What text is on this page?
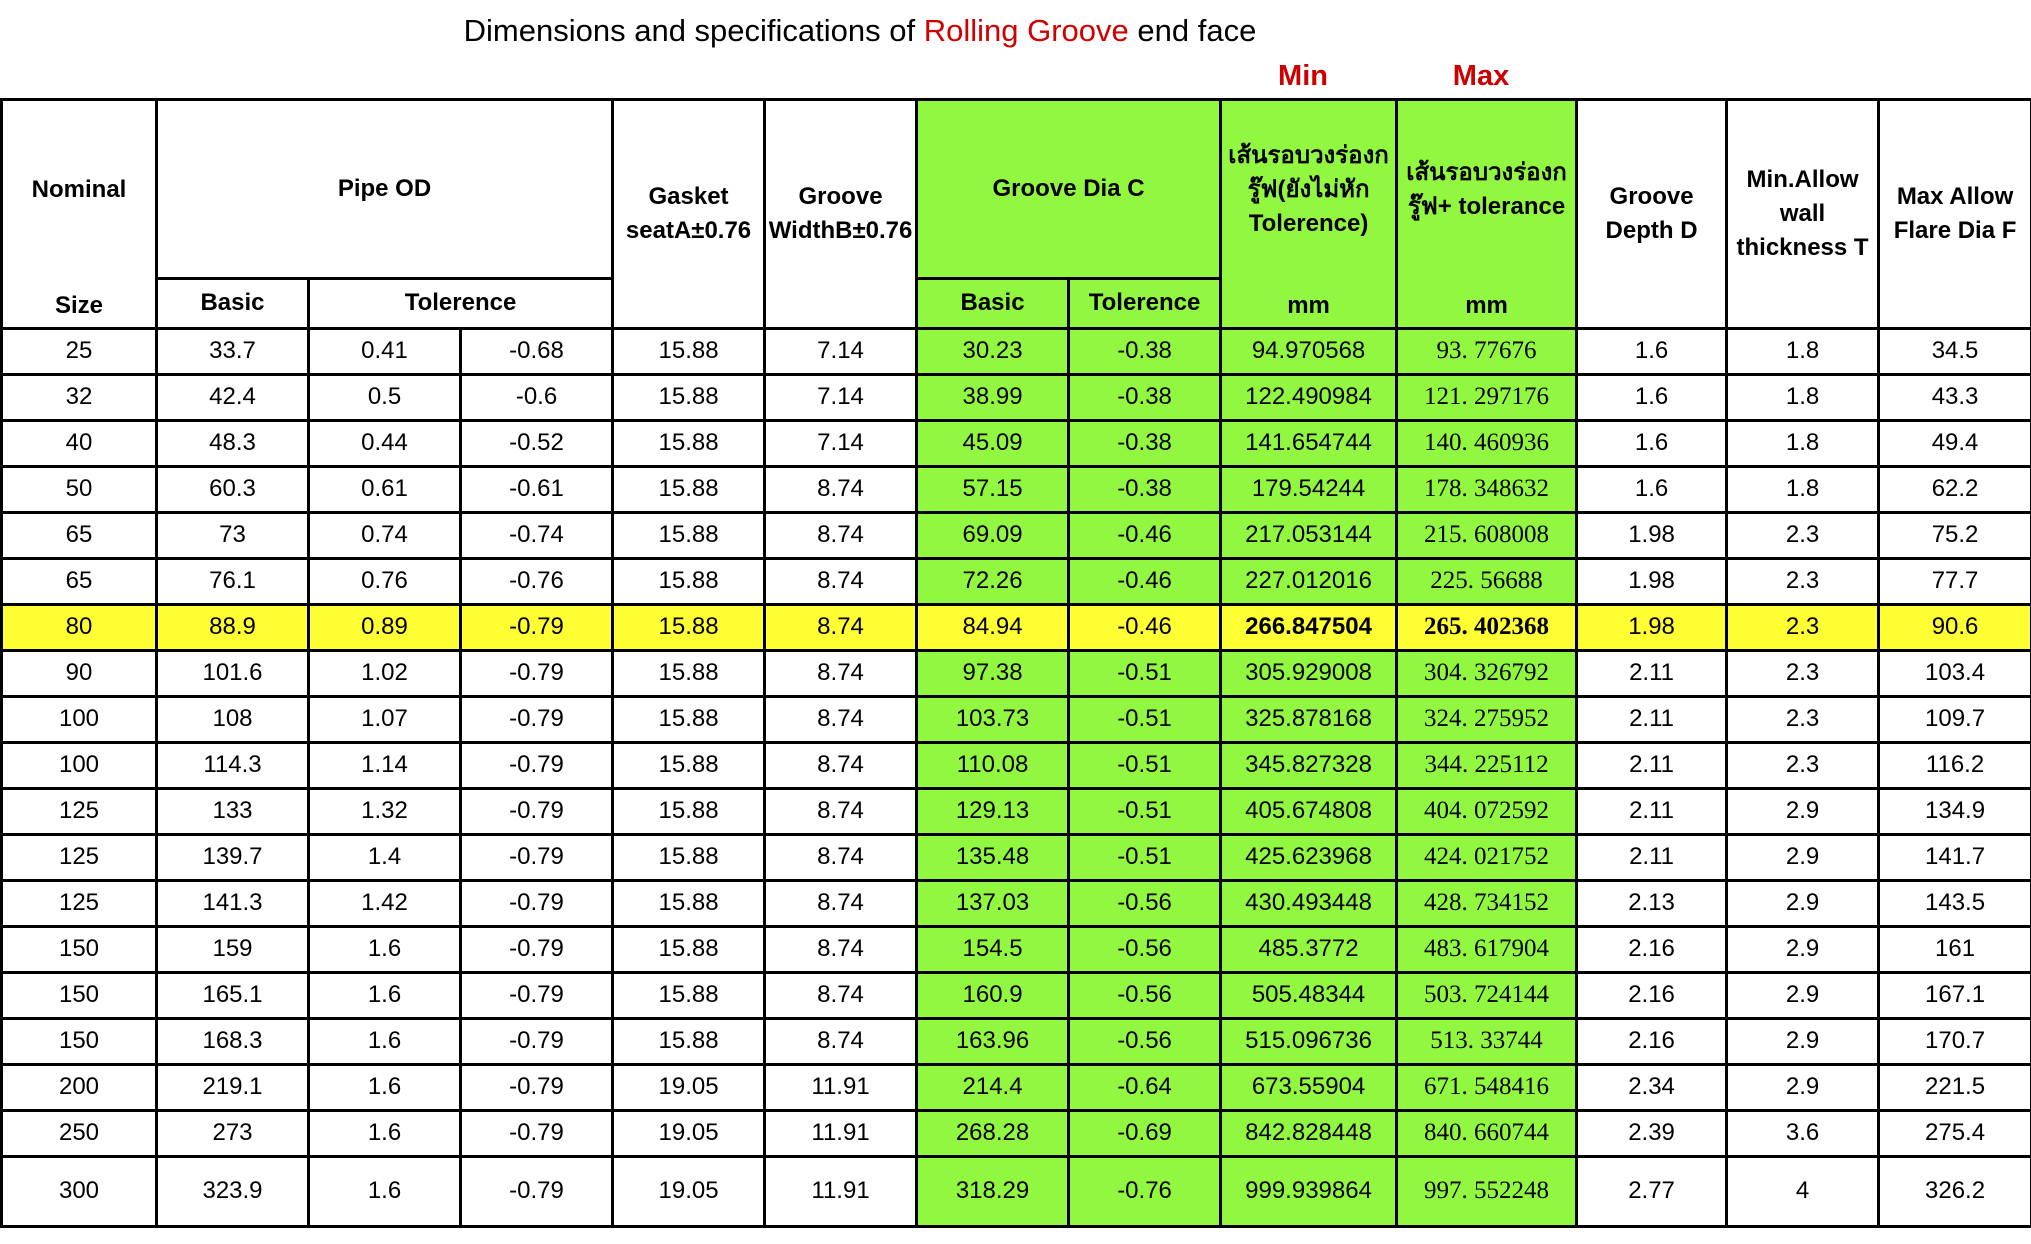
Dimensions and specifications of Rolling Groove end face
Min	Max
Nominal	Pipe OD			Gasket seatA±0.76	Groove WidthB±0.76	Groove Dia C		เส้นรอบวงร่องกรู๊ฟ(ยังไม่หัก Tolerence)	เส้นรอบวงร่องกรู๊ฟ+ tolerance	Groove Depth D	Min.Allow wall thickness T	Max Allow Flare Dia F
Size	Basic	Tolerence				Basic	Tolerence	mm	mm			
25	33.7	0.41	-0.68	15.88	7.14	30.23	-0.38	94.970568	93. 77676	1.6	1.8	34.5
32	42.4	0.5	-0.6	15.88	7.14	38.99	-0.38	122.490984	121. 297176	1.6	1.8	43.3
40	48.3	0.44	-0.52	15.88	7.14	45.09	-0.38	141.654744	140. 460936	1.6	1.8	49.4
50	60.3	0.61	-0.61	15.88	8.74	57.15	-0.38	179.54244	178. 348632	1.6	1.8	62.2
65	73	0.74	-0.74	15.88	8.74	69.09	-0.46	217.053144	215. 608008	1.98	2.3	75.2
65	76.1	0.76	-0.76	15.88	8.74	72.26	-0.46	227.012016	225. 56688	1.98	2.3	77.7
80	88.9	0.89	-0.79	15.88	8.74	84.94	-0.46	266.847504	265. 402368	1.98	2.3	90.6
90	101.6	1.02	-0.79	15.88	8.74	97.38	-0.51	305.929008	304. 326792	2.11	2.3	103.4
100	108	1.07	-0.79	15.88	8.74	103.73	-0.51	325.878168	324. 275952	2.11	2.3	109.7
100	114.3	1.14	-0.79	15.88	8.74	110.08	-0.51	345.827328	344. 225112	2.11	2.3	116.2
125	133	1.32	-0.79	15.88	8.74	129.13	-0.51	405.674808	404. 072592	2.11	2.9	134.9
125	139.7	1.4	-0.79	15.88	8.74	135.48	-0.51	425.623968	424. 021752	2.11	2.9	141.7
125	141.3	1.42	-0.79	15.88	8.74	137.03	-0.56	430.493448	428. 734152	2.13	2.9	143.5
150	159	1.6	-0.79	15.88	8.74	154.5	-0.56	485.3772	483. 617904	2.16	2.9	161
150	165.1	1.6	-0.79	15.88	8.74	160.9	-0.56	505.48344	503. 724144	2.16	2.9	167.1
150	168.3	1.6	-0.79	15.88	8.74	163.96	-0.56	515.096736	513. 33744	2.16	2.9	170.7
200	219.1	1.6	-0.79	19.05	11.91	214.4	-0.64	673.55904	671. 548416	2.34	2.9	221.5
250	273	1.6	-0.79	19.05	11.91	268.28	-0.69	842.828448	840. 660744	2.39	3.6	275.4
300	323.9	1.6	-0.79	19.05	11.91	318.29	-0.76	999.939864	997. 552248	2.77	4	326.2
